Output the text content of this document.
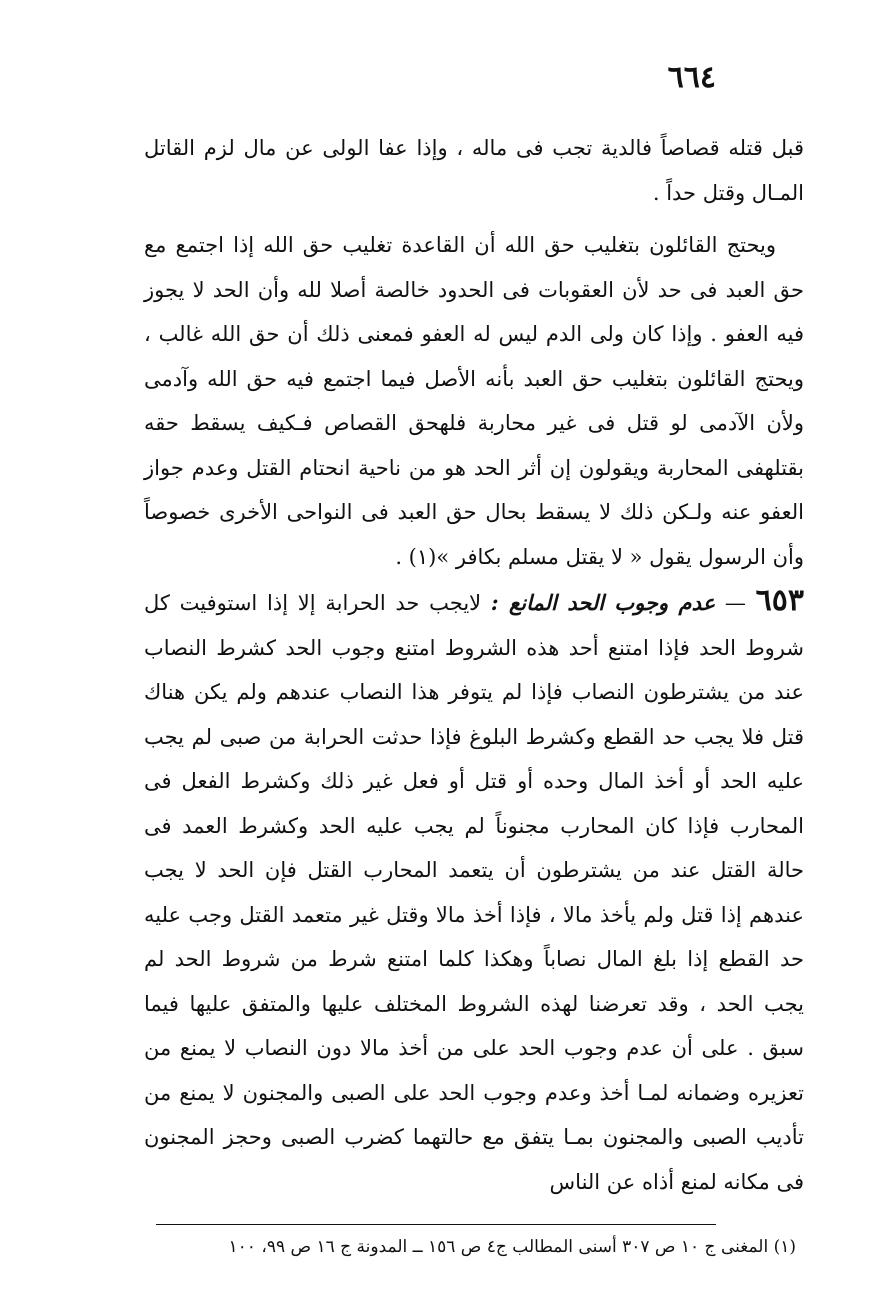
٦٦٤

قبل قتله قصاصاً فالدية تجب فى ماله ، وإذا عفا الولى عن مال لزم القاتل المـال وقتل حداً .

ويحتج القائلون بتغليب حق الله أن القاعدة تغليب حق الله إذا اجتمع مع حق العبد فى حد لأن العقوبات فى الحدود خالصة أصلا لله وأن الحد لا يجوز فيه العفو . وإذا كان ولى الدم ليس له العفو فمعنى ذلك أن حق الله غالب ، ويحتج القائلون بتغليب حق العبد بأنه الأصل فيما اجتمع فيه حق الله وآدمى ولأن الآدمى لو قتل فى غير محاربة فلهحق القصاص فـكيف يسقط حقه بقتلهفى المحاربة ويقولون إن أثر الحد هو من ناحية انحتام القتل وعدم جواز العفو عنه ولـكن ذلك لا يسقط بحال حق العبد فى النواحى الأخرى خصوصاً وأن الرسول يقول « لا يقتل مسلم بكافر »(١) .

٦٥٣ — عدم وجوب الحد المانع : لايجب حد الحرابة إلا إذا استوفيت كل شروط الحد فإذا امتنع أحد هذه الشروط امتنع وجوب الحد كشرط النصاب عند من يشترطون النصاب فإذا لم يتوفر هذا النصاب عندهم ولم يكن هناك قتل فلا يجب حد القطع وكشرط البلوغ فإذا حدثت الحرابة من صبى لم يجب عليه الحد أو أخذ المال وحده أو قتل أو فعل غير ذلك وكشرط الفعل فى المحارب فإذا كان المحارب مجنوناً لم يجب عليه الحد وكشرط العمد فى حالة القتل عند من يشترطون أن يتعمد المحارب القتل فإن الحد لا يجب عندهم إذا قتل ولم يأخذ مالا ، فإذا أخذ مالا وقتل غير متعمد القتل وجب عليه حد القطع إذا بلغ المال نصاباً وهكذا كلما امتنع شرط من شروط الحد لم يجب الحد ، وقد تعرضنا لهذه الشروط المختلف عليها والمتفق عليها فيما سبق . على أن عدم وجوب الحد على من أخذ مالا دون النصاب لا يمنع من تعزيره وضمانه لمـا أخذ وعدم وجوب الحد على الصبى والمجنون لا يمنع من تأديب الصبى والمجنون بمـا يتفق مع حالتهما كضرب الصبى وحجز المجنون فى مكانه لمنع أذاه عن الناس

(١) المغنى ج ١٠ ص ٣٠٧ أسنى المطالب ج٤ ص ١٥٦ ــ المدونة ج ١٦ ص ٩٩، ١٠٠
